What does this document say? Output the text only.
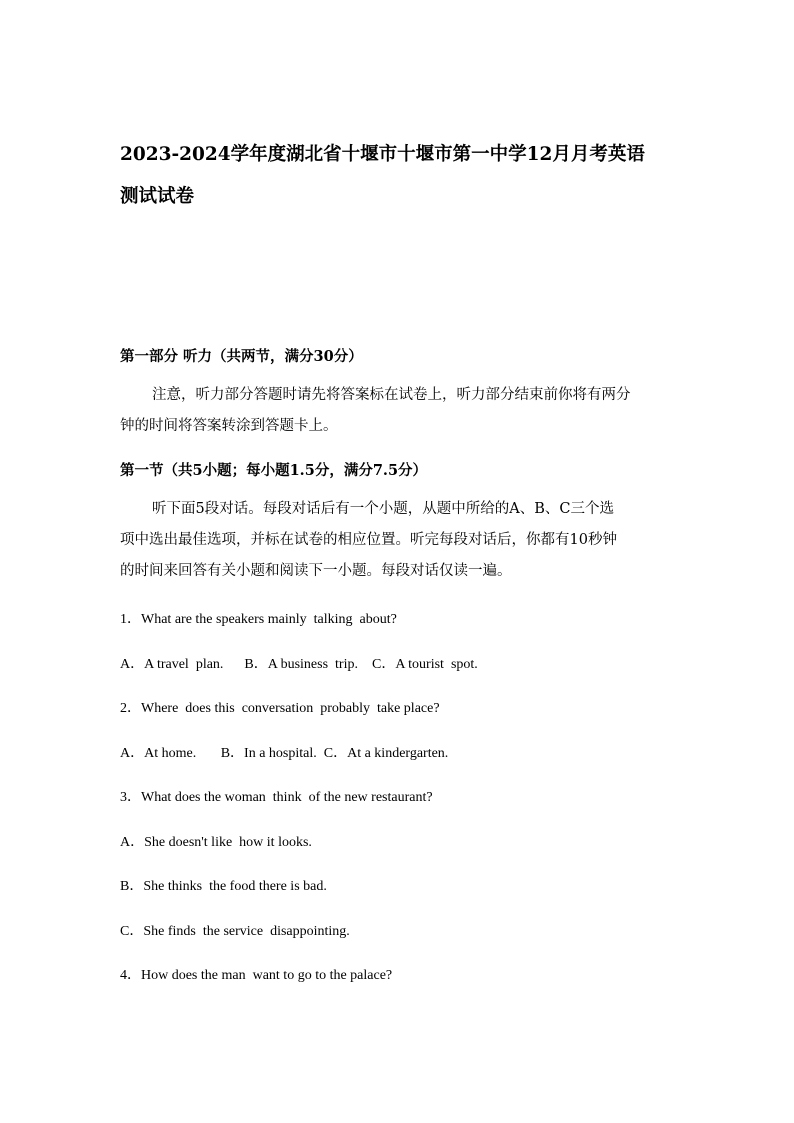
2023-2024学年度湖北省十堰市十堰市第一中学12月月考英语
测试试卷
第一部分 听力（共两节，满分30分）
注意，听力部分答题时请先将答案标在试卷上，听力部分结束前你将有两分
钟的时间将答案转涂到答题卡上。
第一节（共5小题；每小题1.5分，满分7.5分）
听下面5段对话。每段对话后有一个小题，从题中所给的A、B、C三个选
项中选出最佳选项，并标在试卷的相应位置。听完每段对话后，你都有10秒钟
的时间来回答有关小题和阅读下一小题。每段对话仅读一遍。
1．What are the speakers mainly  talking  about?
A．A travel  plan.      B．A business  trip.    C．A tourist  spot.
2．Where  does this  conversation  probably  take place?
A．At home.       B．In a hospital.  C．At a kindergarten.
3．What does the woman  think  of the new restaurant?
A．She doesn't like  how it looks.
B．She thinks  the food there is bad.
C．She finds  the service  disappointing.
4．How does the man  want to go to the palace?
